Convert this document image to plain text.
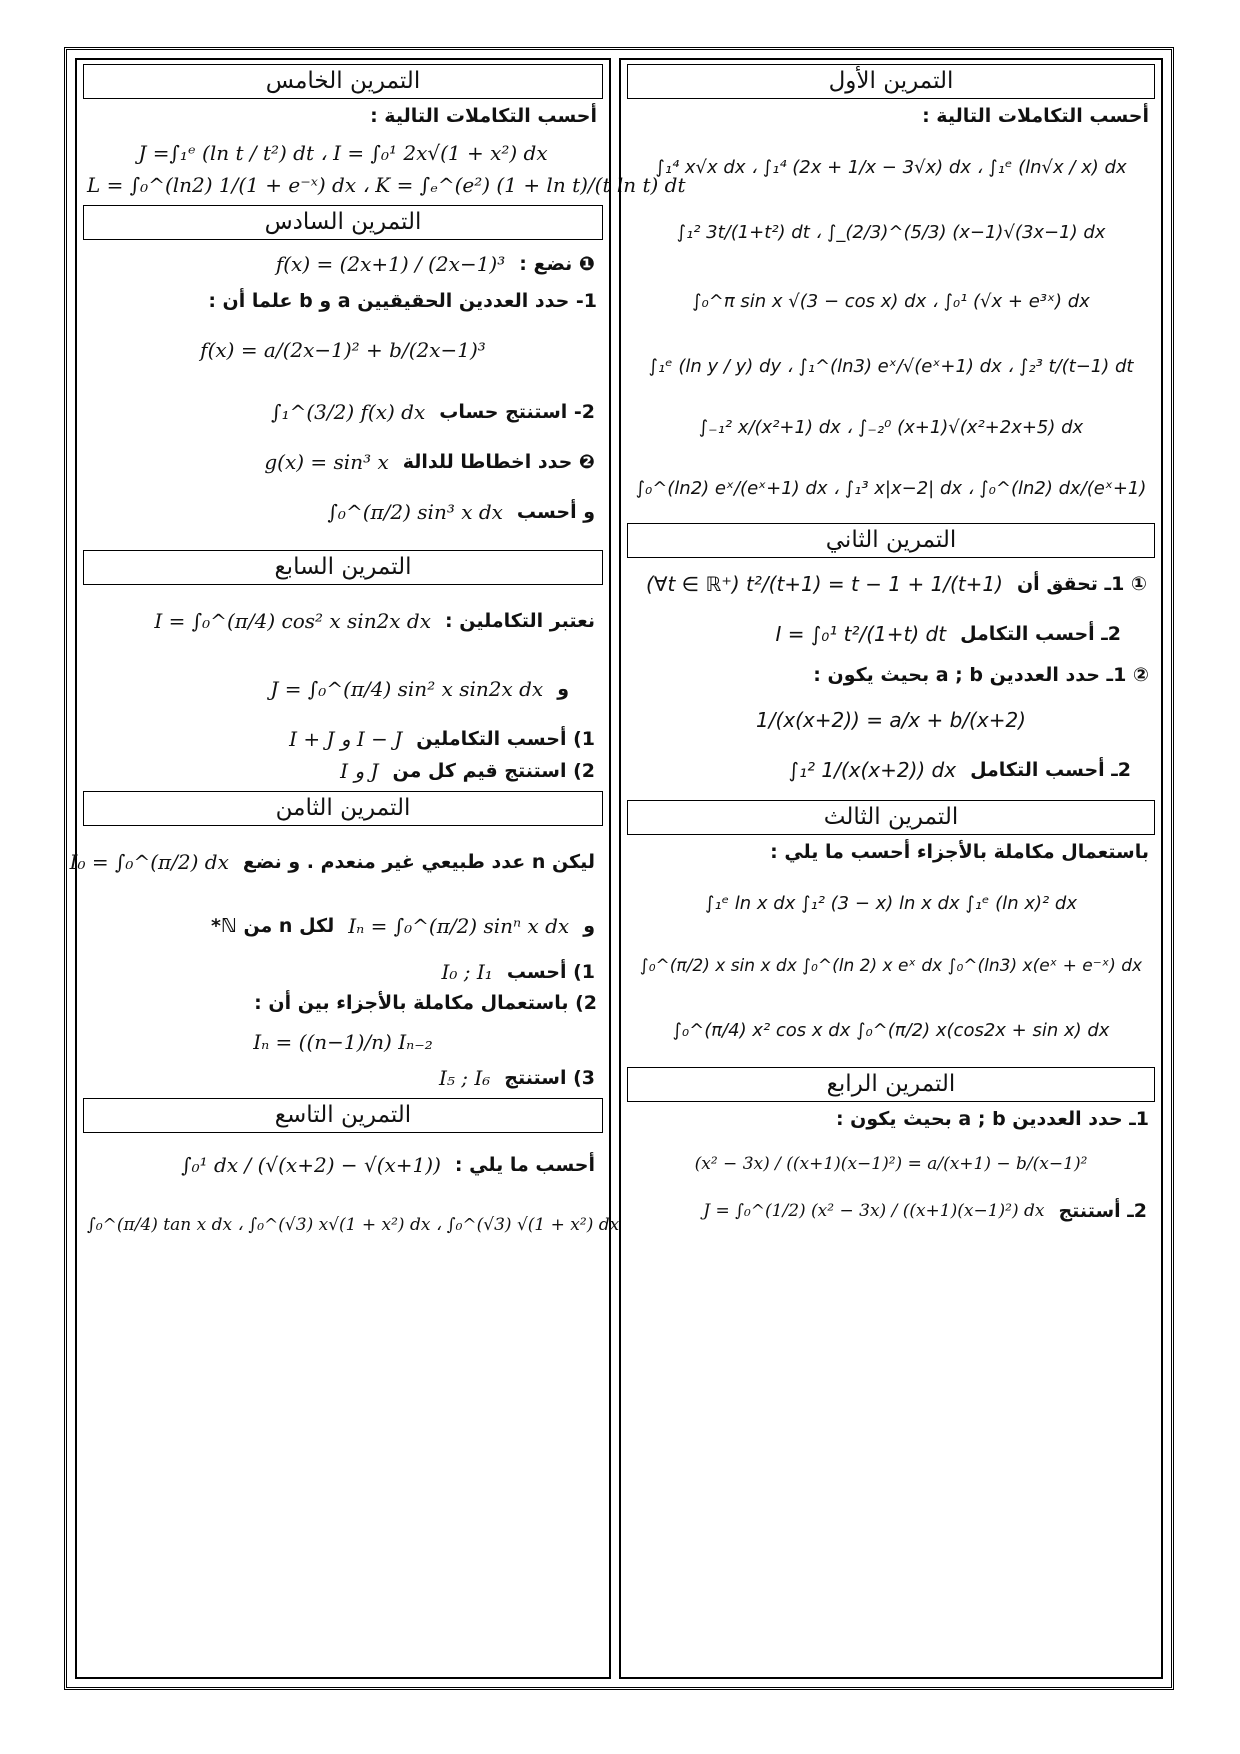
التمرين الخامس
أحسب التكاملات التالية :
J =∫₁ᵉ (ln t / t²) dt ، I = ∫₀¹ 2x√(1 + x²) dx
L = ∫₀^(ln2) 1/(1 + e⁻ˣ) dx ، K = ∫ₑ^(e²) (1 + ln t)/(t ln t) dt
التمرين السادس
❶ نضع :
f(x) = (2x+1) / (2x−1)³
1- حدد العددين الحقيقيين a و b علما أن :
f(x) = a/(2x−1)² + b/(2x−1)³
2- استنتج حساب
∫₁^(3/2) f(x) dx
❷ حدد اخطاطا للدالة
g(x) = sin³ x
و أحسب
∫₀^(π/2) sin³ x dx
التمرين السابع
نعتبر التكاملين :
I = ∫₀^(π/4) cos² x sin2x dx
و
J = ∫₀^(π/4) sin² x sin2x dx
1) أحسب التكاملين
I + J و I − J
2) استنتج قيم كل من
I و J
التمرين الثامن
ليكن n عدد طبيعي غير منعدم . و نضع
I₀ = ∫₀^(π/2) dx
و
Iₙ = ∫₀^(π/2) sinⁿ x dx
لكل n من ℕ*
1) أحسب
I₀ ; I₁
2) باستعمال مكاملة بالأجزاء بين أن :
Iₙ = ((n−1)/n) Iₙ₋₂
3) استنتج
I₅ ; I₆
التمرين التاسع
أحسب ما يلي :
∫₀¹ dx / (√(x+2) − √(x+1))
∫₀^(π/4) tan x dx ، ∫₀^(√3) x√(1 + x²) dx ، ∫₀^(√3) √(1 + x²) dx
التمرين الأول
أحسب التكاملات التالية :
∫₁⁴ x√x dx ، ∫₁⁴ (2x + 1/x − 3√x) dx ، ∫₁ᵉ (ln√x / x) dx
∫₁² 3t/(1+t²) dt ، ∫_(2/3)^(5/3) (x−1)√(3x−1) dx
∫₀^π sin x √(3 − cos x) dx ، ∫₀¹ (√x + e³ˣ) dx
∫₁ᵉ (ln y / y) dy ، ∫₁^(ln3) eˣ/√(eˣ+1) dx ، ∫₂³ t/(t−1) dt
∫₋₁² x/(x²+1) dx ، ∫₋₂⁰ (x+1)√(x²+2x+5) dx
∫₀^(ln2) eˣ/(eˣ+1) dx ، ∫₁³ x|x−2| dx ، ∫₀^(ln2) dx/(eˣ+1)
التمرين الثاني
① 1ـ تحقق أن
(∀t ∈ ℝ⁺) t²/(t+1) = t − 1 + 1/(t+1)
2ـ أحسب التكامل
I = ∫₀¹ t²/(1+t) dt
② 1ـ حدد العددين a ; b بحيث يكون :
1/(x(x+2)) = a/x + b/(x+2)
2ـ أحسب التكامل
∫₁² 1/(x(x+2)) dx
التمرين الثالث
باستعمال مكاملة بالأجزاء أحسب ما يلي :
∫₁ᵉ ln x dx ∫₁² (3 − x) ln x dx ∫₁ᵉ (ln x)² dx
∫₀^(π/2) x sin x dx ∫₀^(ln 2) x eˣ dx ∫₀^(ln3) x(eˣ + e⁻ˣ) dx
∫₀^(π/4) x² cos x dx ∫₀^(π/2) x(cos2x + sin x) dx
التمرين الرابع
1ـ حدد العددين a ; b بحيث يكون :
(x² − 3x) / ((x+1)(x−1)²) = a/(x+1) − b/(x−1)²
2ـ أستنتج
J = ∫₀^(1/2) (x² − 3x) / ((x+1)(x−1)²) dx
